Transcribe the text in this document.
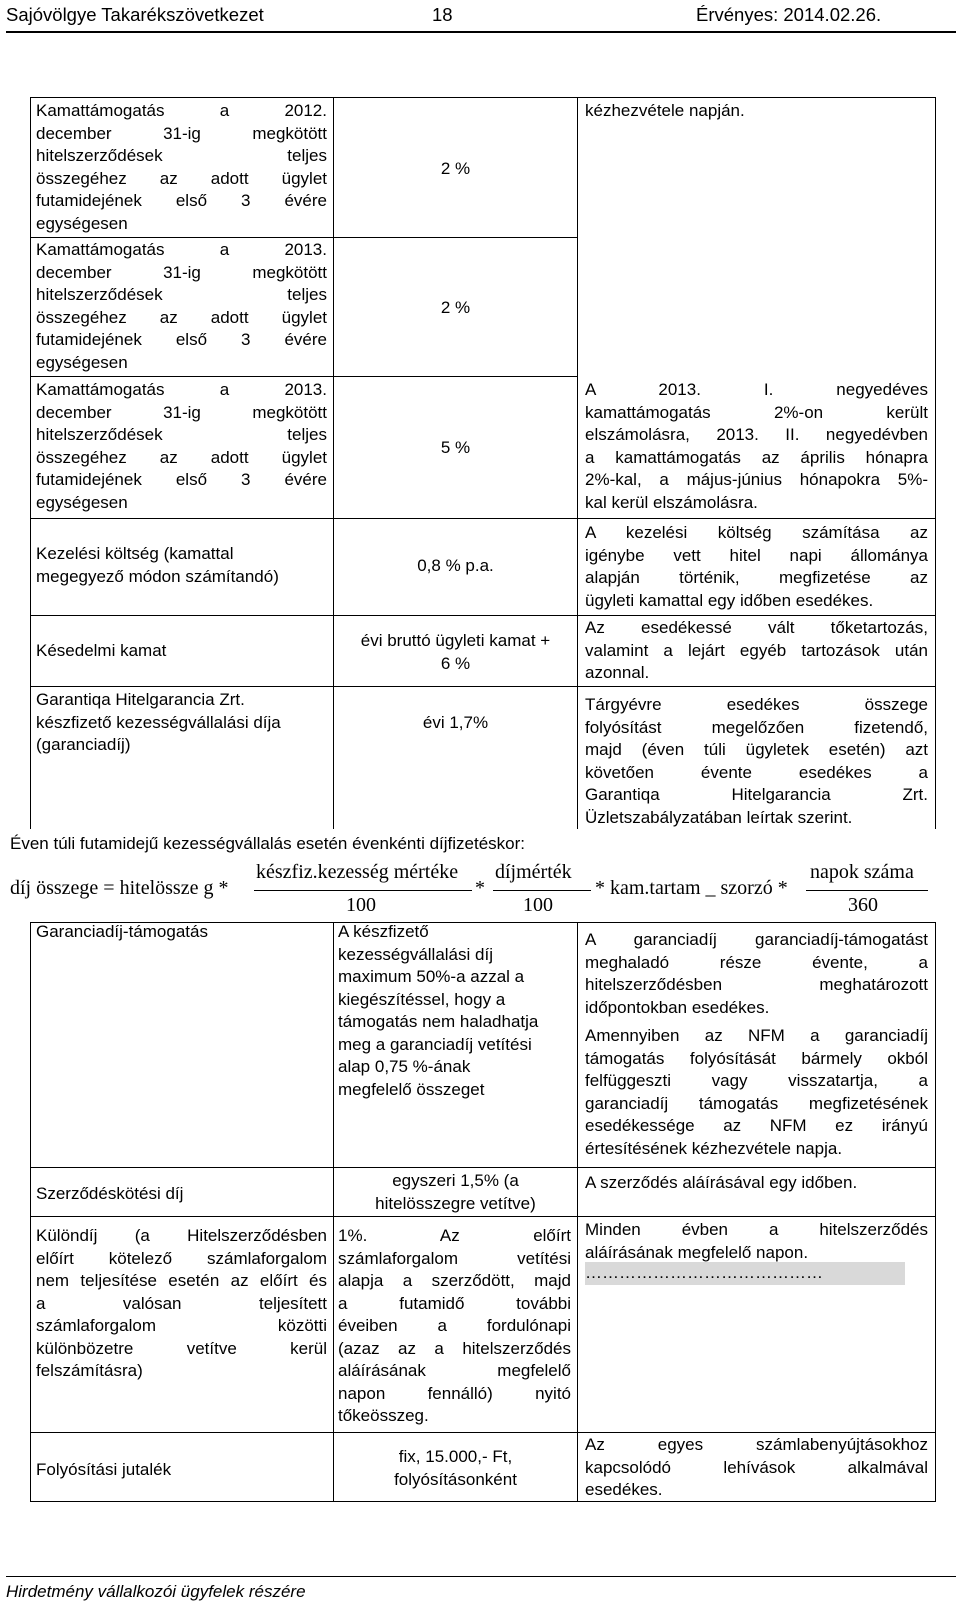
Sajóvölgye Takarékszövetkezet	18	Érvényes: 2014.02.26.
Kamattámogatás a 2012.
december 31-ig megkötött
hitelszerződések teljes
összegéhez az adott ügylet
futamidejének első 3 évére
egységesen
Kamattámogatás a 2013.
december 31-ig megkötött
hitelszerződések teljes
összegéhez az adott ügylet
futamidejének első 3 évére
egységesen
Kamattámogatás a 2013.
december 31-ig megkötött
hitelszerződések teljes
összegéhez az adott ügylet
futamidejének első 3 évére
egységesen
Kezelési költség (kamattal
megegyező módon számítandó)
Késedelmi kamat
Garantiqa Hitelgarancia Zrt.
készfizető kezességvállalási díja
(garanciadíj)
2 %
2 %
5 %
0,8 % p.a.
évi bruttó ügyleti kamat +
6 %
évi 1,7%
kézhezvétele napján.
A 2013. I. negyedéves
kamattámogatás 2%-on került
elszámolásra, 2013. II. negyedévben
a kamattámogatás az április hónapra
2%-kal, a május-június hónapokra 5%-
kal kerül elszámolásra.
A kezelési költség számítása az
igénybe vett hitel napi állománya
alapján történik, megfizetése az
ügyleti kamattal egy időben esedékes.
Az esedékessé vált tőketartozás,
valamint a lejárt egyéb tartozások után
azonnal.
Tárgyévre esedékes összege
folyósítást megelőzően fizetendő,
majd (éven túli ügyletek esetén) azt
követően évente esedékes a
Garantiqa Hitelgarancia Zrt.
Üzletszabályzatában leírtak szerint.
Éven túli futamidejű kezességvállalás esetén évenkénti díjfizetéskor:
díj összege = hitelössze g *
készfiz.kezesség mértéke
100
*
díjmérték
100
* kam.tartam _ szorzó *
napok száma
360
Garanciadíj-támogatás
Szerződéskötési díj
Különdíj (a Hitelszerződésben
előírt kötelező számlaforgalom
nem teljesítése esetén az előírt és
a valósan teljesített
számlaforgalom közötti
különbözetre vetítve kerül
felszámításra)
Folyósítási jutalék
A készfizető
kezességvállalási díj
maximum 50%-a azzal a
kiegészítéssel, hogy a
támogatás nem haladhatja
meg a garanciadíj vetítési
alap 0,75 %-ának
megfelelő összeget
egyszeri 1,5% (a
hitelösszegre vetítve)
1%. Az előírt
számlaforgalom vetítési
alapja a szerződött, majd
a futamidő további
éveiben a fordulónapi
(azaz az a hitelszerződés
aláírásának megfelelő
napon fennálló) nyitó
tőkeösszeg.
fix, 15.000,- Ft,
folyósításonként
A garanciadíj garanciadíj-támogatást
meghaladó része évente, a
hitelszerződésben meghatározott
időpontokban esedékes.
Amennyiben az NFM a garanciadíj
támogatás folyósítását bármely okból
felfüggeszti vagy visszatartja, a
garanciadíj támogatás megfizetésének
esedékessége az NFM ez irányú
értesítésének kézhezvétele napja.
A szerződés aláírásával egy időben.
Minden évben a hitelszerződés
aláírásának megfelelő napon.
……………………………………
Az egyes számlabenyújtásokhoz
kapcsolódó lehívások alkalmával
esedékes.
Hirdetmény vállalkozói ügyfelek részére
